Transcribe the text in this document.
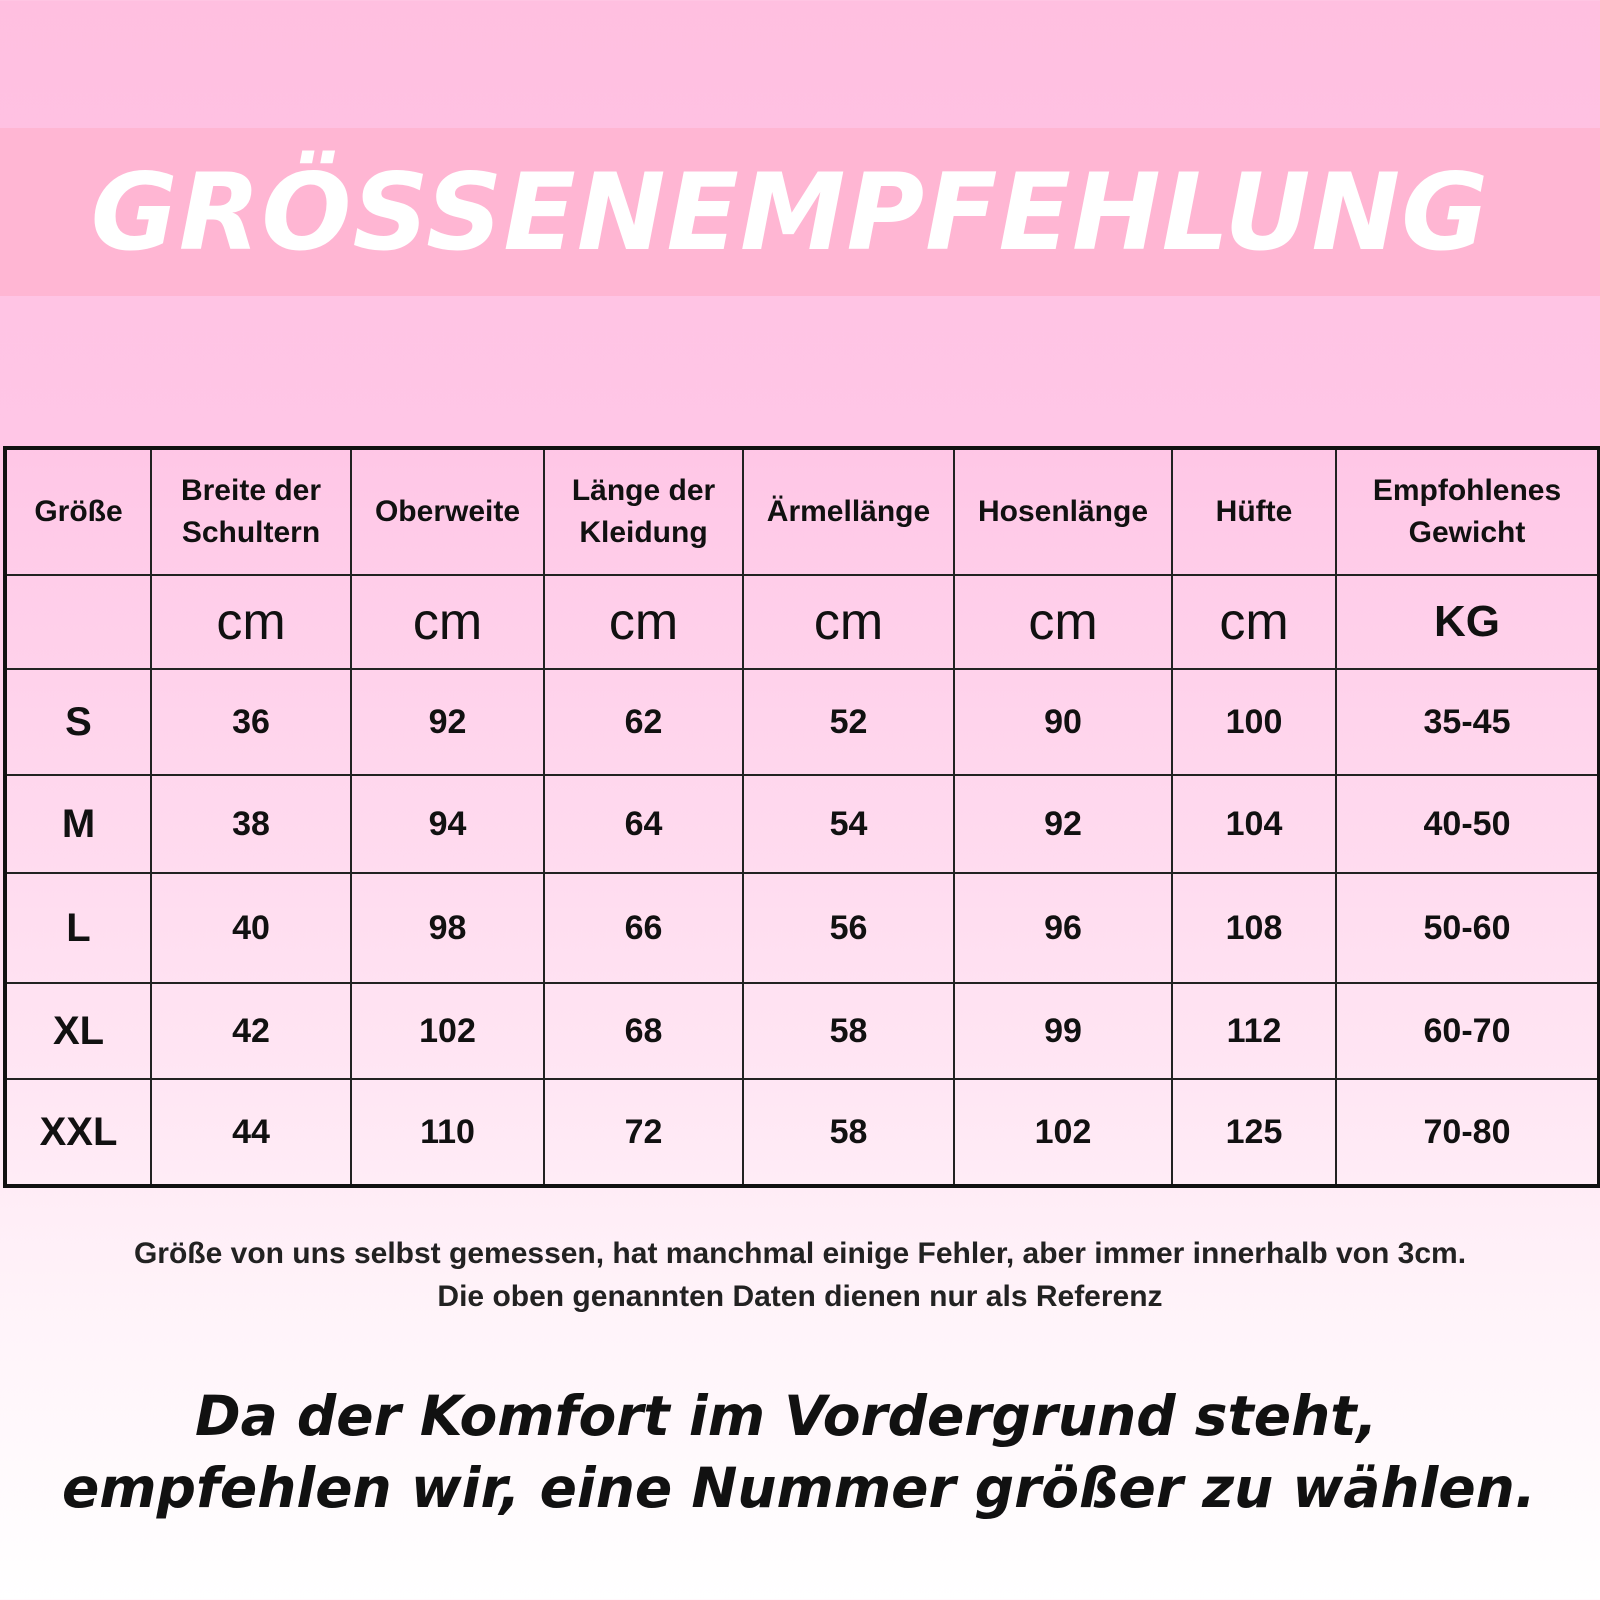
GRÖSSENEMPFEHLUNG
Größe	Breite der Schultern	Oberweite	Länge der Kleidung	Ärmellänge	Hosenlänge	Hüfte	Empfohlenes Gewicht
	cm	cm	cm	cm	cm	cm	KG
S	36	92	62	52	90	100	35-45
M	38	94	64	54	92	104	40-50
L	40	98	66	56	96	108	50-60
XL	42	102	68	58	99	112	60-70
XXL	44	110	72	58	102	125	70-80
Größe von uns selbst gemessen, hat manchmal einige Fehler, aber immer innerhalb von 3cm.
Die oben genannten Daten dienen nur als Referenz
Da der Komfort im Vordergrund steht,
empfehlen wir, eine Nummer größer zu wählen.
